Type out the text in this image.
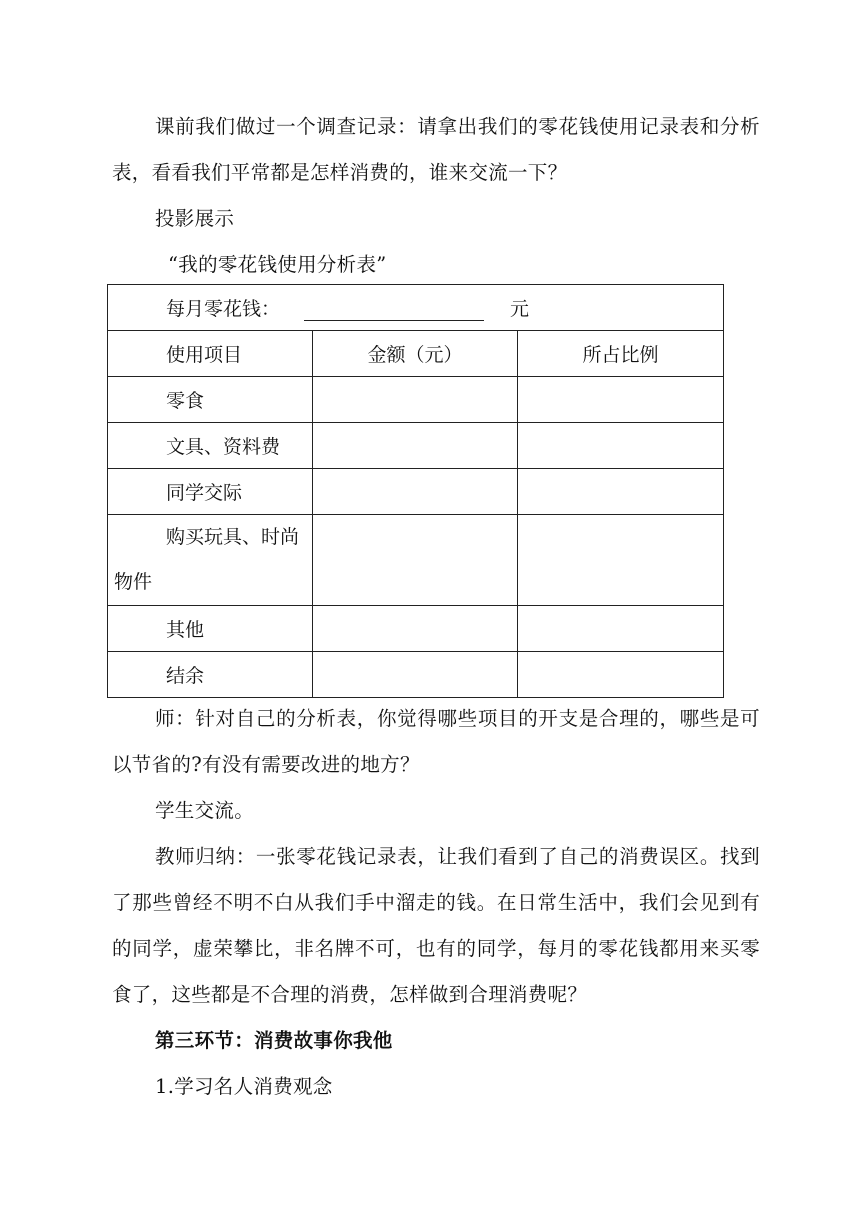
课前我们做过一个调查记录：请拿出我们的零花钱使用记录表和分析表，看看我们平常都是怎样消费的，谁来交流一下？

投影展示

“我的零花钱使用分析表”

每月零花钱： 元		
使用项目	金额（元）	所占比例
零食		
文具、资料费		
同学交际		

购买玩具、时尚
物件		

其他		
结余		

师：针对自己的分析表，你觉得哪些项目的开支是合理的，哪些是可以节省的?有没有需要改进的地方？

学生交流。

教师归纳：一张零花钱记录表，让我们看到了自己的消费误区。找到了那些曾经不明不白从我们手中溜走的钱。在日常生活中，我们会见到有的同学，虚荣攀比，非名牌不可，也有的同学，每月的零花钱都用来买零食了，这些都是不合理的消费，怎样做到合理消费呢？

第三环节：消费故事你我他

1.学习名人消费观念
